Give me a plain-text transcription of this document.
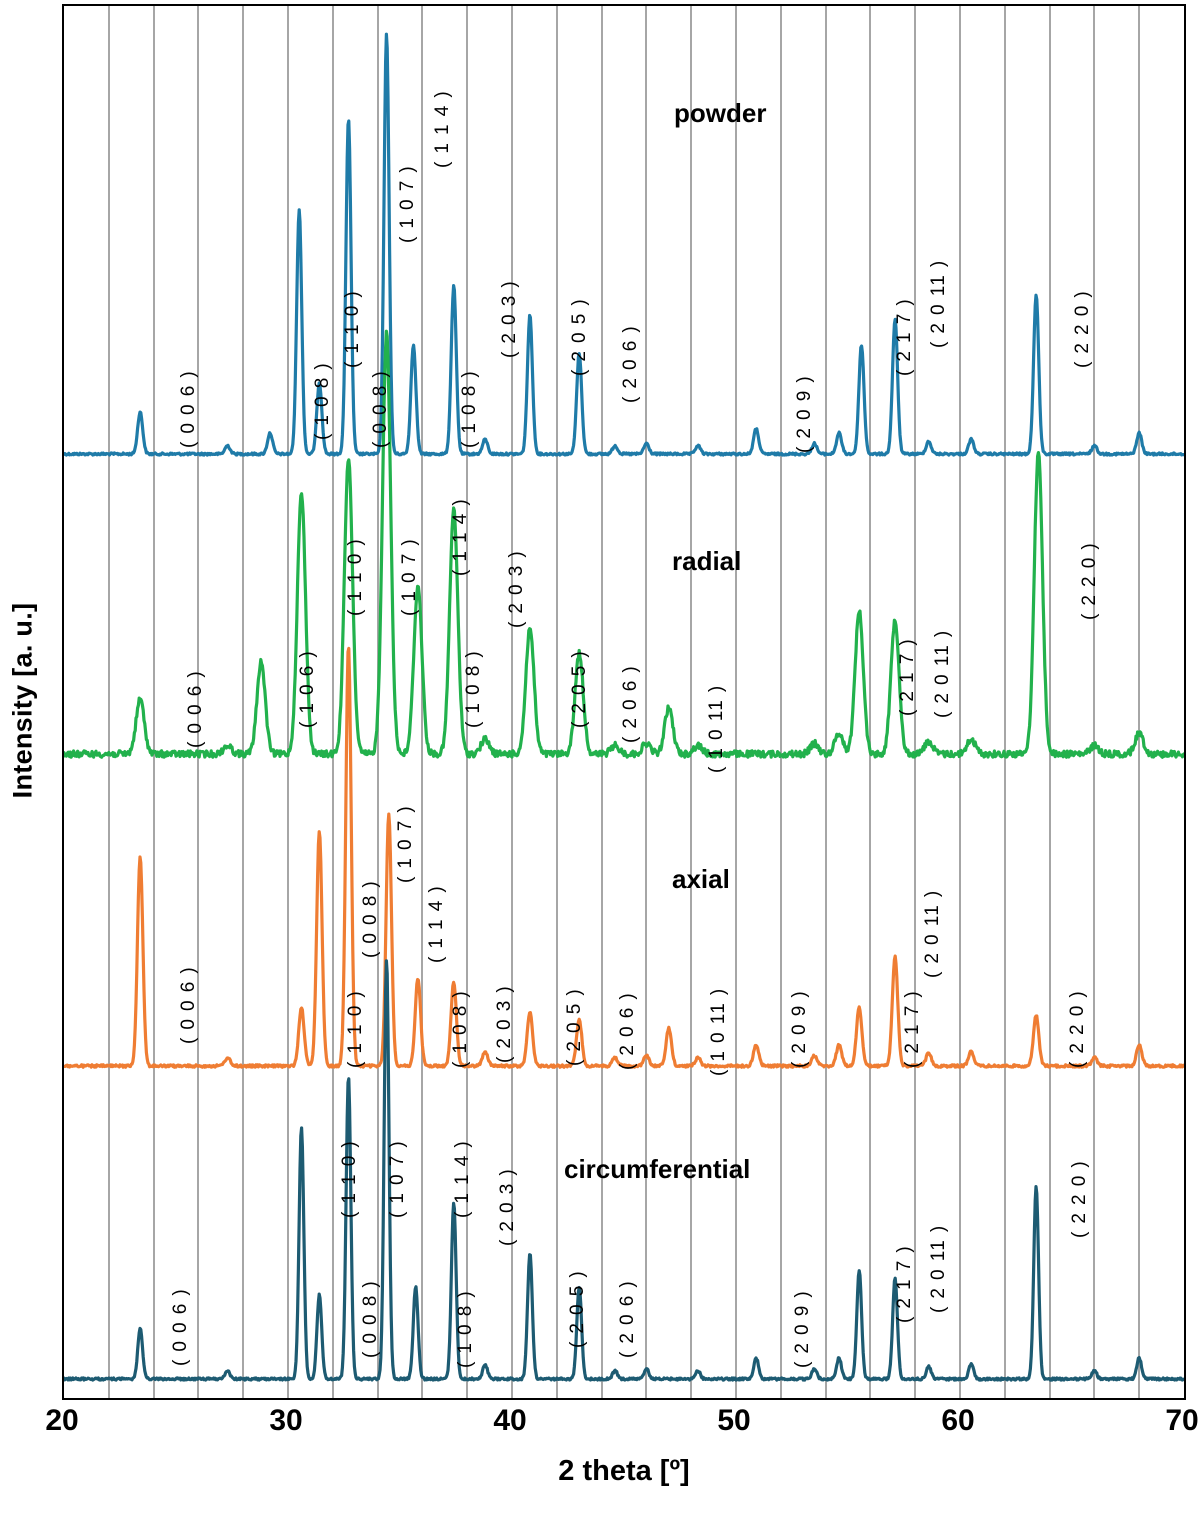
Intensity [a. u.]
powder
radial
axial
circumferential
( 0 0 6 )	( 1 0 8 )
( 1 1 0 )
( 0 0 8 )
( 1 0 7 )
( 1 1 4 )
( 1 0 8 )
( 2 0 3 )	( 2 0 5 ) ( 2 0 6 )
( 2 0 9 )
( 2 1 7 ) ( 2 0 11 )	( 2 2 0 )
( 0 0 6 )	( 1 0 6 )
( 1 1 0 ) ( 1 0 7 )
( 1 1 4 )
( 1 0 8 )
( 2 0 3 )
( 2 0 5 ) ( 2 0 6 )	( 1 0 11 )
( 2 1 7 ) ( 2 0 11 )
( 2 2 0 )
( 0 0 6 )	( 1 1 0 )
( 0 0 8 )
( 1 0 7 )
( 1 1 4 )
( 1 0 8 ) ( 2 0 3 )	( 2 0 5 ) ( 2 0 6 )	( 1 0 11 )	( 2 0 9 )	( 2 1 7 )
( 2 0 11 )
( 2 2 0 )
( 0 0 6 )
( 1 1 0 )
( 0 0 8 )
( 1 0 7 ) ( 1 1 4 ) ( 2 0 3 )
( 1 0 8 )	( 2 0 5 ) ( 2 0 6 )	( 2 0 9 )
( 2 1 7 ) ( 2 0 11 )
( 2 2 0 )
20	30	40	50	60	70
2 theta [º]
